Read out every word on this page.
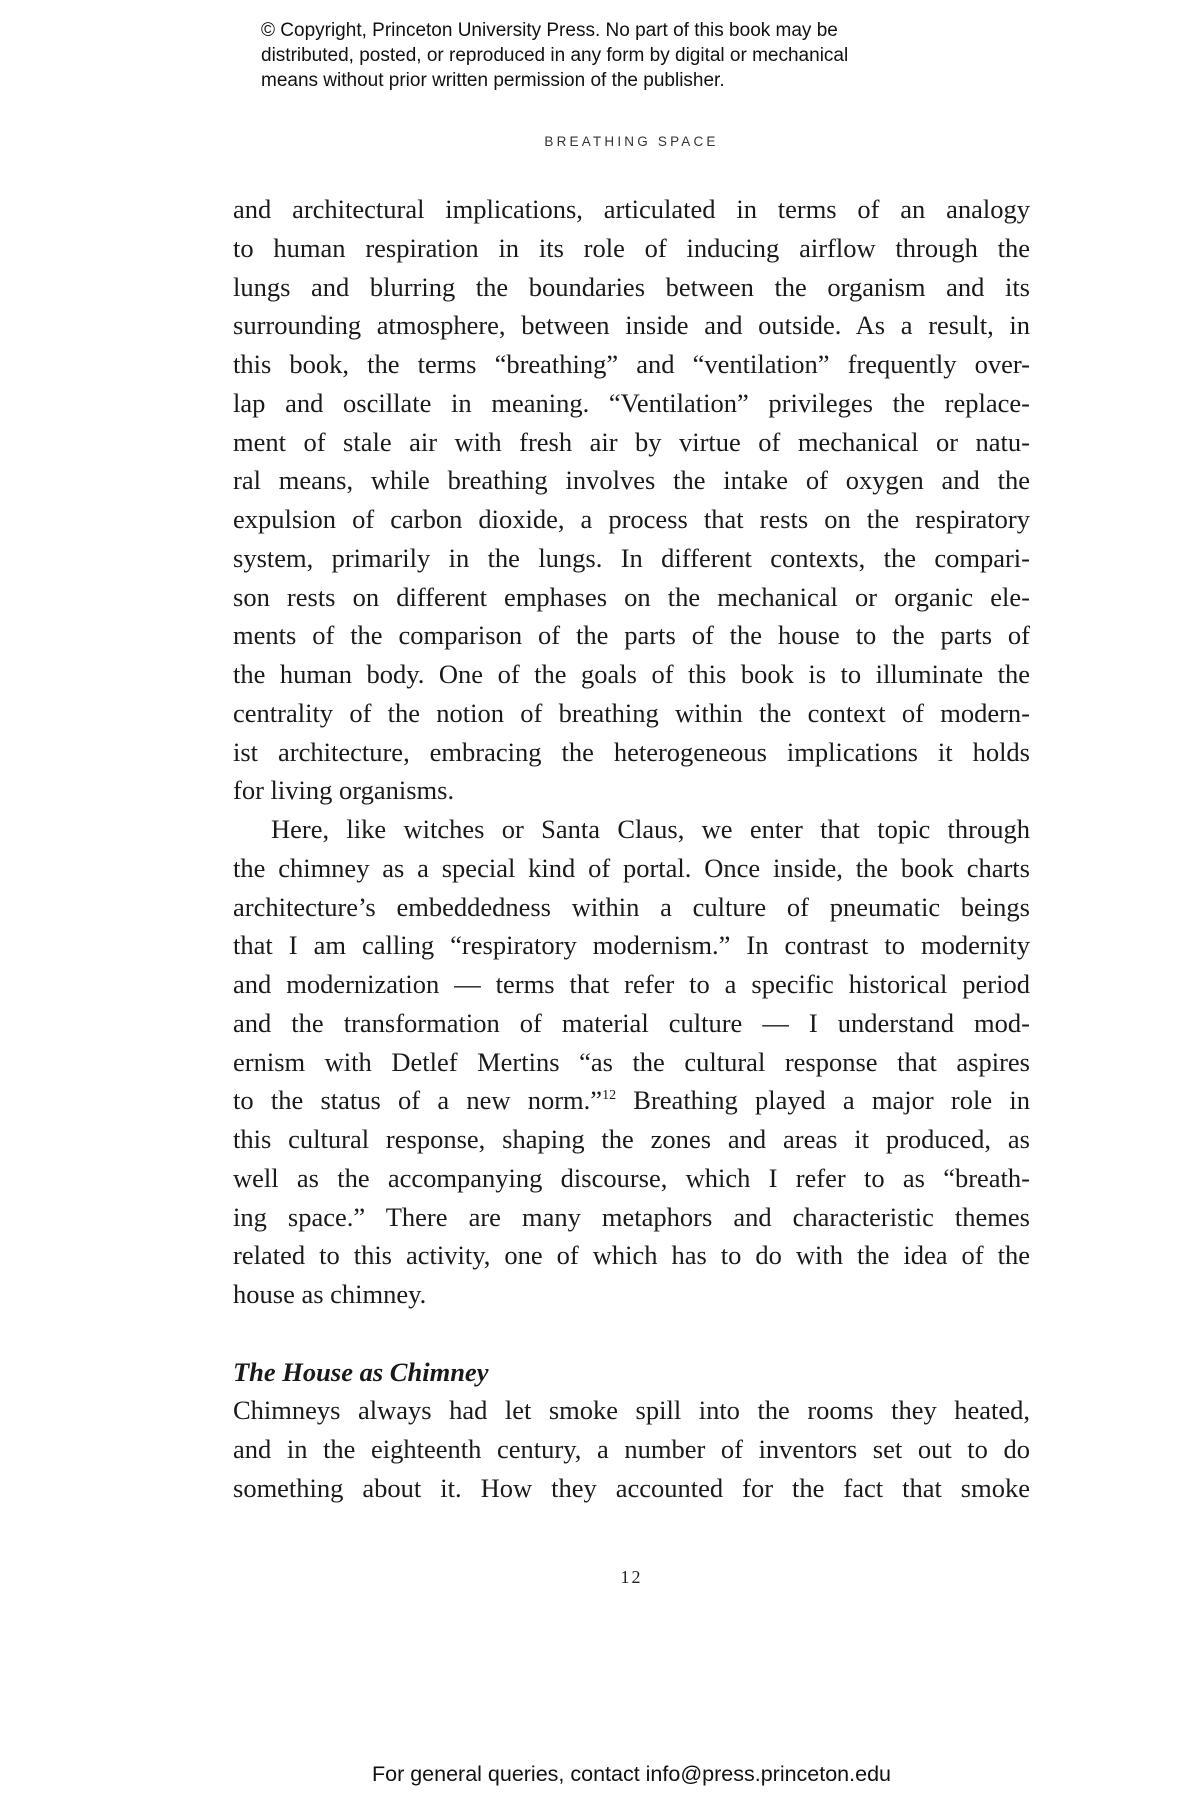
© Copyright, Princeton University Press. No part of this book may be
distributed, posted, or reproduced in any form by digital or mechanical
means without prior written permission of the publisher.
BREATHING SPACE
and architectural implications, articulated in terms of an analogy
to human respiration in its role of inducing airflow through the
lungs and blurring the boundaries between the organism and its
surrounding atmosphere, between inside and outside. As a result, in
this book, the terms “breathing” and “ventilation” frequently over-
lap and oscillate in meaning. “Ventilation” privileges the replace-
ment of stale air with fresh air by virtue of mechanical or natu-
ral means, while breathing involves the intake of oxygen and the
expulsion of carbon dioxide, a process that rests on the respiratory
system, primarily in the lungs. In different contexts, the compari-
son rests on different emphases on the mechanical or organic ele-
ments of the comparison of the parts of the house to the parts of
the human body. One of the goals of this book is to illuminate the
centrality of the notion of breathing within the context of modern-
ist architecture, embracing the heterogeneous implications it holds
for living organisms.
Here, like witches or Santa Claus, we enter that topic through
the chimney as a special kind of portal. Once inside, the book charts
architecture’s embeddedness within a culture of pneumatic beings
that I am calling “respiratory modernism.” In contrast to modernity
and modernization — terms that refer to a specific historical period
and the transformation of material culture — I understand mod-
ernism with Detlef Mertins “as the cultural response that aspires
to the status of a new norm.”$^{12}$ Breathing played a major role in
this cultural response, shaping the zones and areas it produced, as
well as the accompanying discourse, which I refer to as “breath-
ing space.” There are many metaphors and characteristic themes
related to this activity, one of which has to do with the idea of the
house as chimney.
The House as Chimney
Chimneys always had let smoke spill into the rooms they heated,
and in the eighteenth century, a number of inventors set out to do
something about it. How they accounted for the fact that smoke
12
For general queries, contact info@press.princeton.edu
